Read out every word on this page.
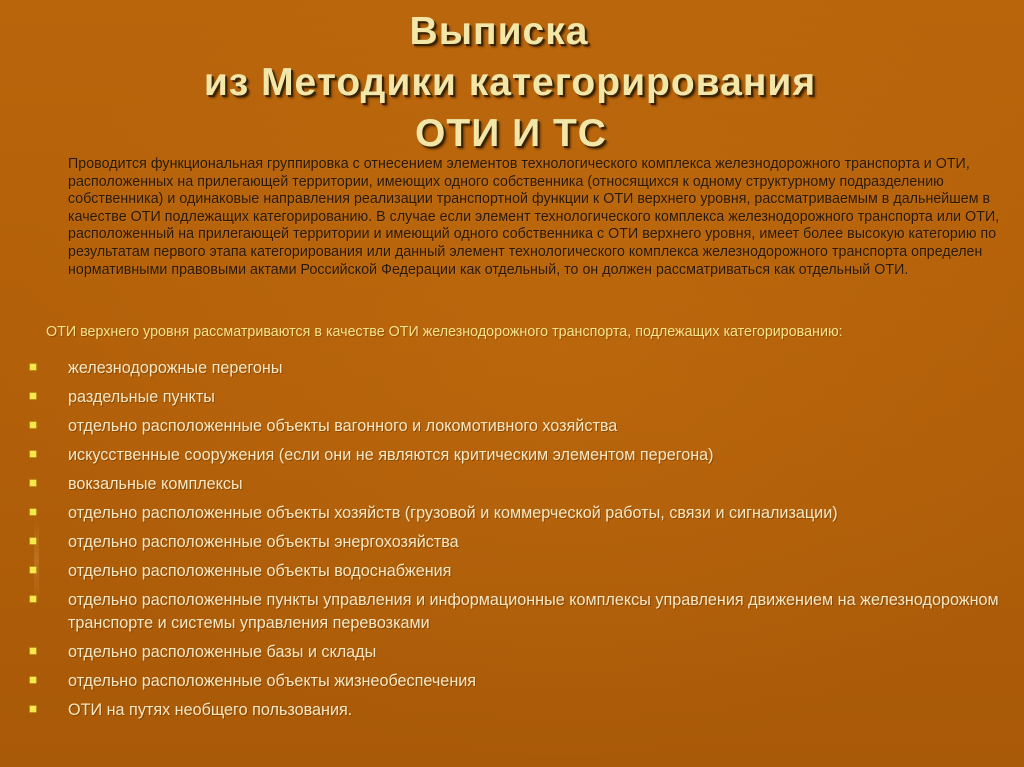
Выписка
из Методики категорирования
ОТИ И ТС

Проводится функциональная группировка с отнесением элементов технологического комплекса железнодорожного транспорта и ОТИ, расположенных на прилегающей территории, имеющих одного собственника (относящихся к одному структурному подразделению собственника) и одинаковые направления реализации транспортной функции к ОТИ верхнего уровня, рассматриваемым в дальнейшем в качестве ОТИ подлежащих категорированию. В случае если элемент технологического комплекса железнодорожного транспорта или ОТИ, расположенный на прилегающей территории и имеющий одного собственника с ОТИ верхнего уровня, имеет более высокую категорию по результатам первого этапа категорирования или данный элемент технологического комплекса железнодорожного транспорта определен нормативными правовыми актами Российской Федерации как отдельный, то он должен рассматриваться как отдельный ОТИ.

ОТИ верхнего уровня рассматриваются в качестве ОТИ железнодорожного транспорта, подлежащих категорированию:
железнодорожные перегоны
раздельные пункты
отдельно расположенные объекты вагонного и локомотивного хозяйства
искусственные сооружения (если они не являются критическим элементом перегона)
вокзальные комплексы
отдельно расположенные объекты хозяйств (грузовой и коммерческой работы, связи и сигнализации)
отдельно расположенные объекты энергохозяйства
отдельно расположенные объекты водоснабжения
отдельно расположенные пункты управления и информационные комплексы управления движением на железнодорожном транспорте и системы управления перевозками
отдельно расположенные базы и склады
отдельно расположенные объекты жизнеобеспечения
ОТИ на путях необщего пользования.
